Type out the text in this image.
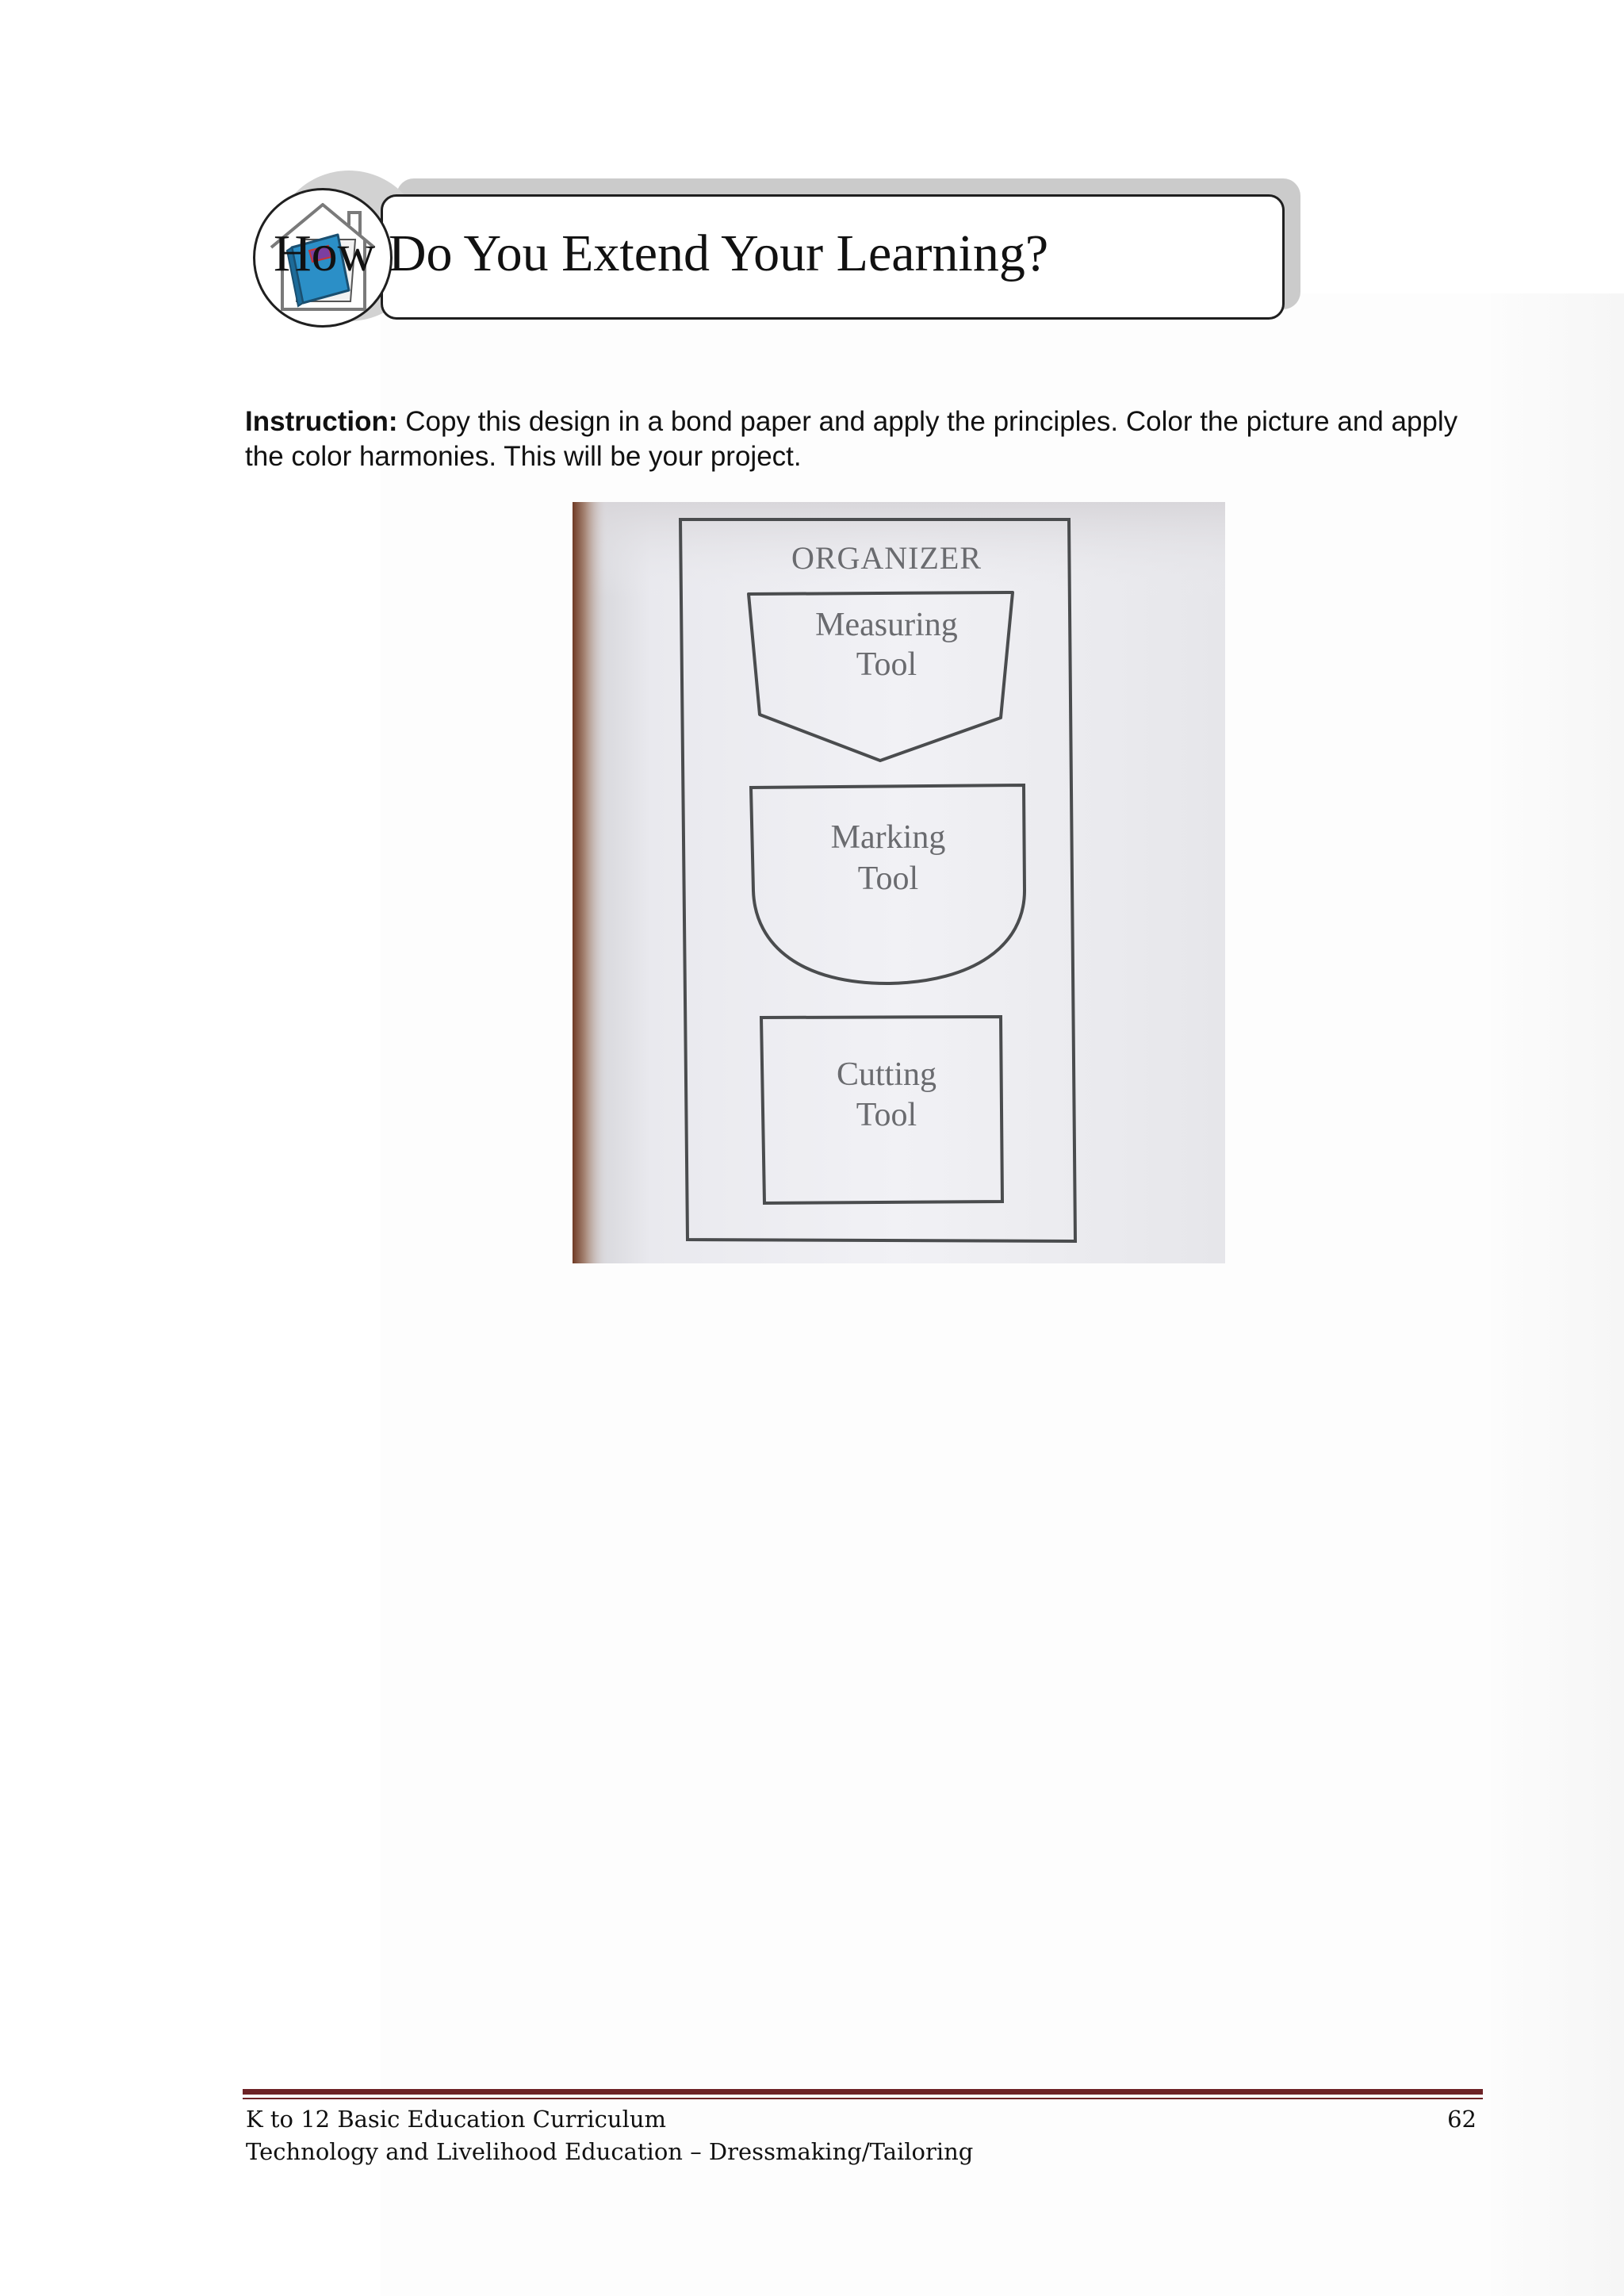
How Do You Extend Your Learning?
Instruction: Copy this design in a bond paper and apply the principles. Color the picture and apply the color harmonies. This will be your project.
ORGANIZER
Measuring
Tool
Marking
Tool
Cutting
Tool
K to 12 Basic Education Curriculum
Technology and Livelihood Education – Dressmaking/Tailoring
62
